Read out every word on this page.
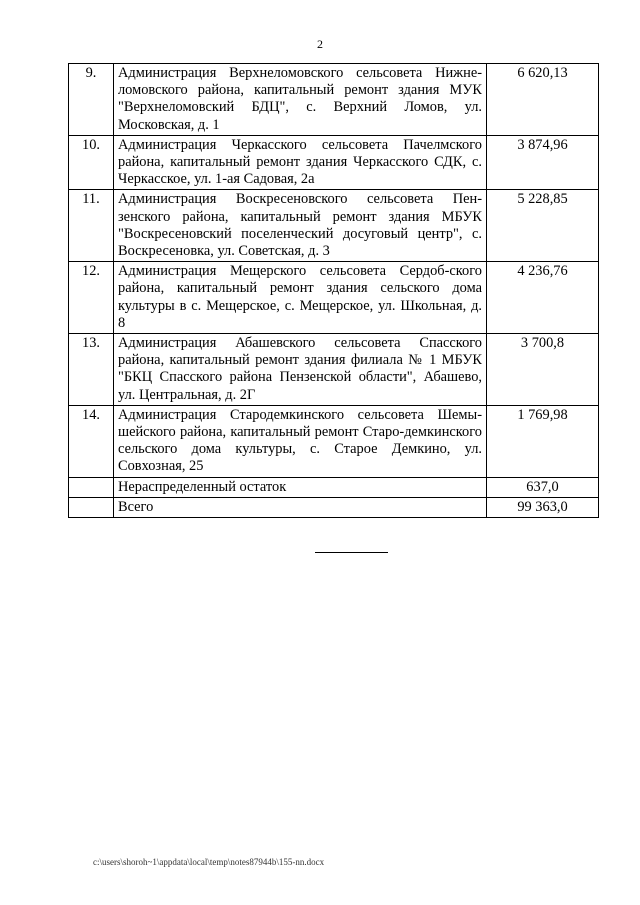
2
9.	Администрация Верхнеломовского сельсовета Нижне-ломовского района, капитальный ремонт здания МУК "Верхнеломовский БДЦ", с. Верхний Ломов, ул. Московская, д. 1	6 620,13
10.	Администрация Черкасского сельсовета Пачелмского района, капитальный ремонт здания Черкасского СДК, с. Черкасское, ул. 1-ая Садовая, 2а	3 874,96
11.	Администрация Воскресеновского сельсовета Пен-зенского района, капитальный ремонт здания МБУК "Воскресеновский поселенческий досуговый центр", с. Воскресеновка, ул. Советская, д. 3	5 228,85
12.	Администрация Мещерского сельсовета Сердоб-ского района, капитальный ремонт здания сельского дома культуры в с. Мещерское, с. Мещерское, ул. Школьная, д. 8	4 236,76
13.	Администрация Абашевского сельсовета Спасского района, капитальный ремонт здания филиала № 1 МБУК "БКЦ Спасского района Пензенской области", Абашево, ул. Центральная, д. 2Г	3 700,8
14.	Администрация Стародемкинского сельсовета Шемы-шейского района, капитальный ремонт Старо-демкинского сельского дома культуры, с. Старое Демкино, ул. Совхозная, 25	1 769,98
	Нераспределенный остаток	637,0
	Всего	99 363,0
c:\users\shoroh~1\appdata\local\temp\notes87944b\155-nn.docx
